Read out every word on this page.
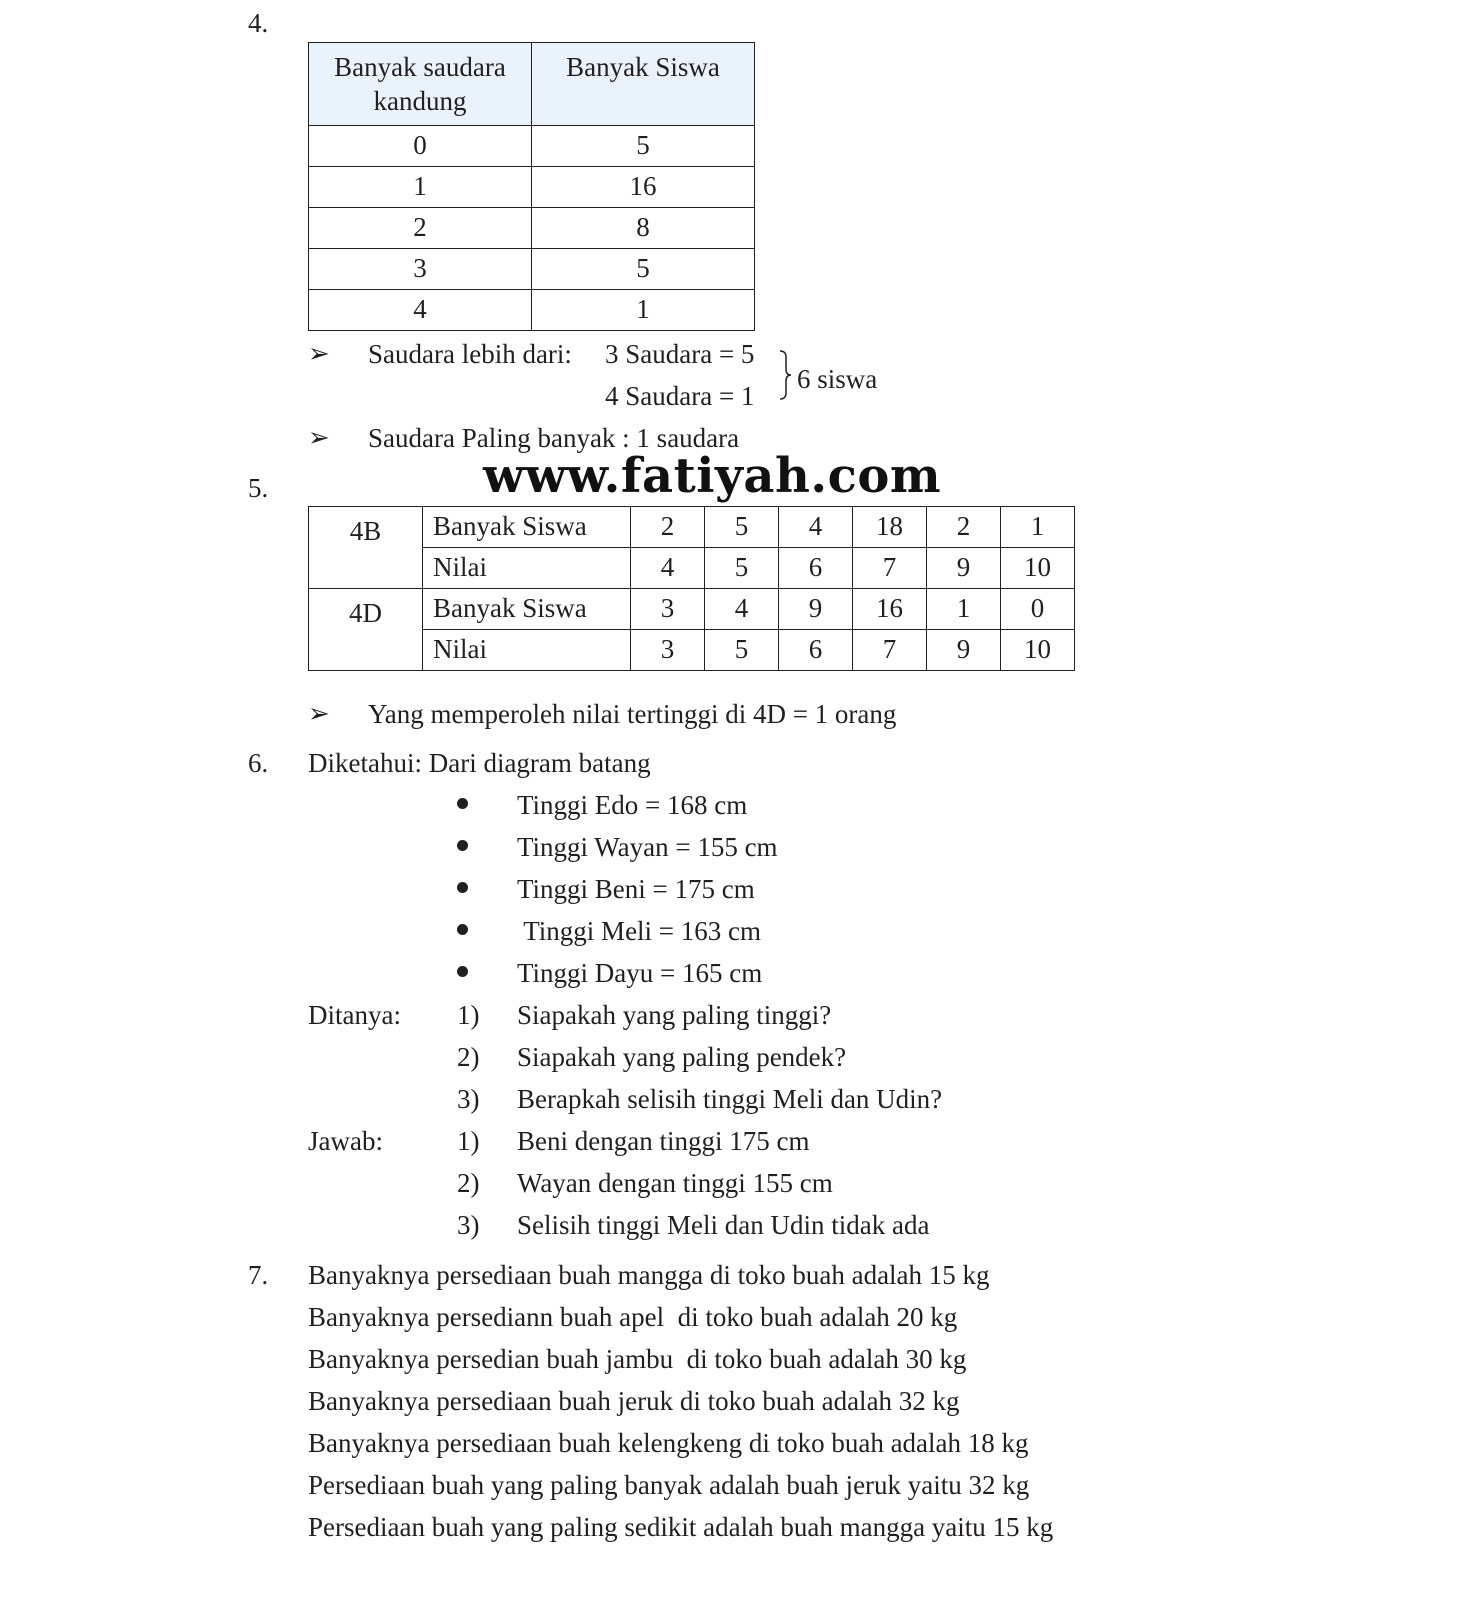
4.
Banyak saudara kandung	Banyak Siswa
0	5
1	16
2	8
3	5
4	1
➢ Saudara lebih dari: 3 Saudara = 5
4 Saudara = 1
6 siswa
➢ Saudara Paling banyak : 1 saudara
www.fatiyah.com
5.
4B	Banyak Siswa	2	5	4	18	2	1
	Nilai	4	5	6	7	9	10
4D	Banyak Siswa	3	4	9	16	1	0
	Nilai	3	5	6	7	9	10
➢ Yang memperoleh nilai tertinggi di 4D = 1 orang
6. Diketahui: Dari diagram batang
Tinggi Edo = 168 cm
Tinggi Wayan = 155 cm
Tinggi Beni = 175 cm
Tinggi Meli = 163 cm
Tinggi Dayu = 165 cm
Ditanya: 1) Siapakah yang paling tinggi?
2) Siapakah yang paling pendek?
3) Berapkah selisih tinggi Meli dan Udin?
Jawab:	1) Beni dengan tinggi 175 cm
2) Wayan dengan tinggi 155 cm
3) Selisih tinggi Meli dan Udin tidak ada
7. Banyaknya persediaan buah mangga di toko buah adalah 15 kg
Banyaknya persediann buah apel  di toko buah adalah 20 kg
Banyaknya persedian buah jambu  di toko buah adalah 30 kg
Banyaknya persediaan buah jeruk di toko buah adalah 32 kg
Banyaknya persediaan buah kelengkeng di toko buah adalah 18 kg
Persediaan buah yang paling banyak adalah buah jeruk yaitu 32 kg
Persediaan buah yang paling sedikit adalah buah mangga yaitu 15 kg
